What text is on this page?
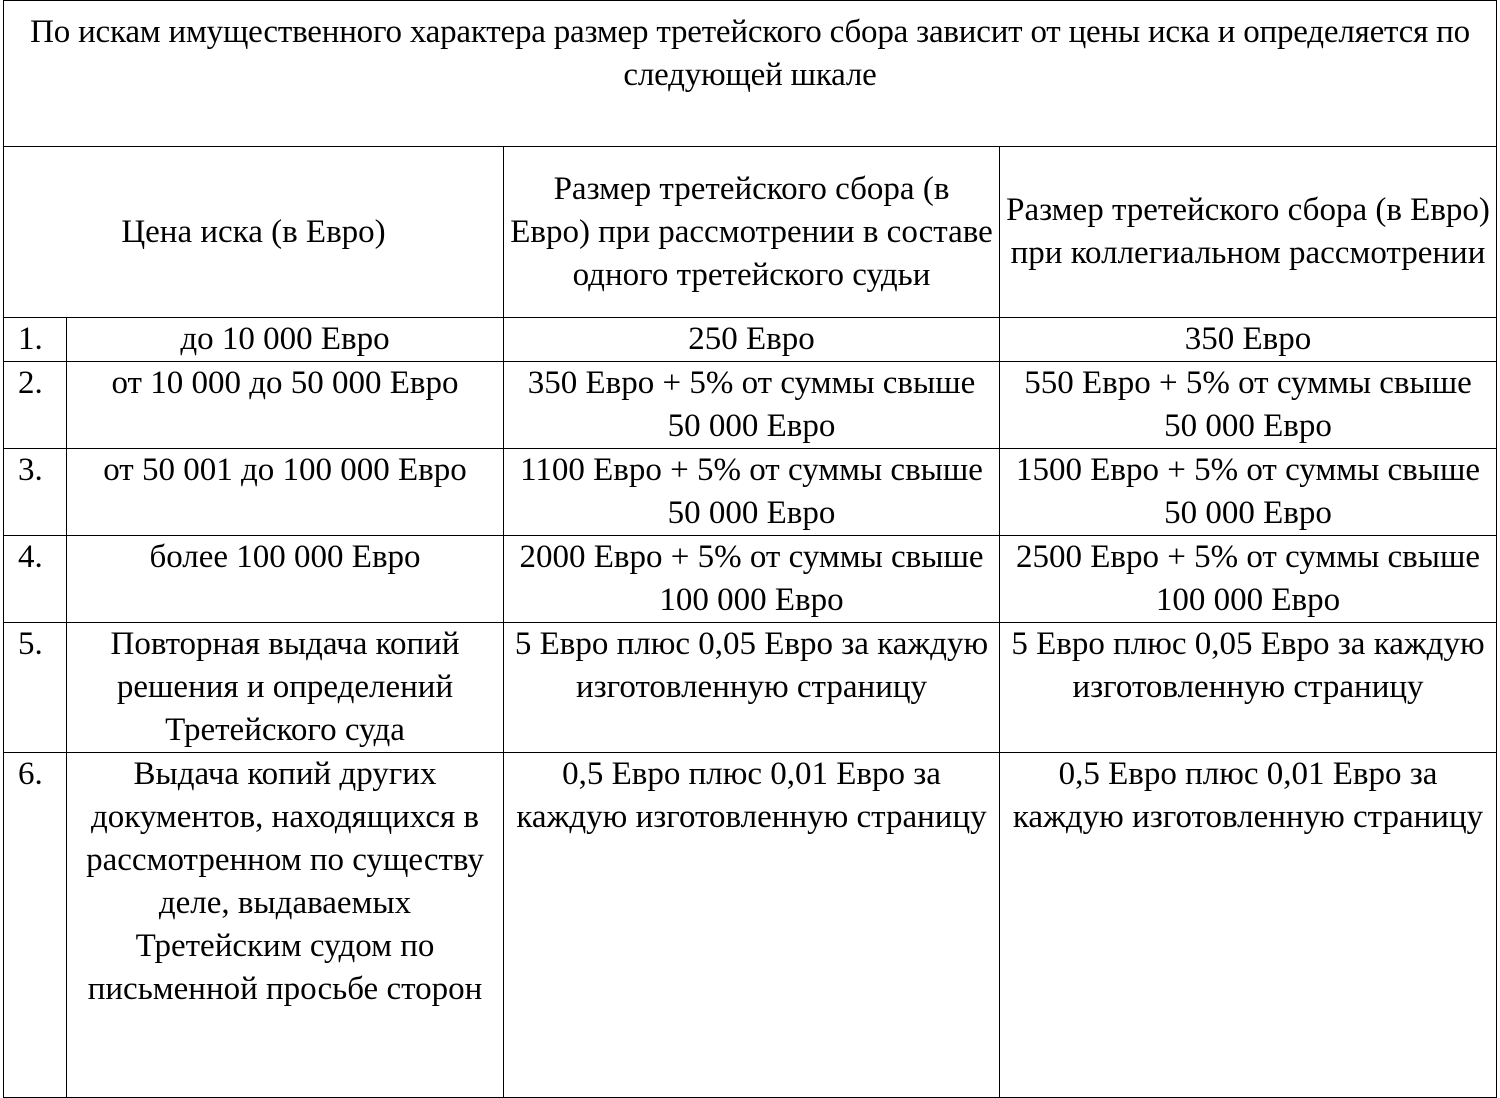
По искам имущественного характера размер третейского сбора зависит от цены иска и определяется по следующей шкале			
Цена иска (в Евро)		Размер третейского сбора (в Евро) при рассмотрении в составе одного третейского судьи	Размер третейского сбора (в Евро) при коллегиальном рассмотрении
1.	до 10 000 Евро	250 Евро	350 Евро
2.	от 10 000 до 50 000 Евро	350 Евро + 5% от суммы свыше 50 000 Евро	550 Евро + 5% от суммы свыше 50 000 Евро
3.	от 50 001 до 100 000 Евро	1100 Евро + 5% от суммы свыше 50 000 Евро	1500 Евро + 5% от суммы свыше 50 000 Евро
4.	более 100 000 Евро	2000 Евро + 5% от суммы свыше 100 000 Евро	2500 Евро + 5% от суммы свыше 100 000 Евро
5.	Повторная выдача копий решения и определений Третейского суда	5 Евро плюс 0,05 Евро за каждую изготовленную страницу	5 Евро плюс 0,05 Евро за каждую изготовленную страницу
6.	Выдача копий других документов, находящихся в рассмотренном по существу деле, выдаваемых Третейским судом по письменной просьбе сторон	0,5 Евро плюс 0,01 Евро за каждую изготовленную страницу	0,5 Евро плюс 0,01 Евро за каждую изготовленную страницу
